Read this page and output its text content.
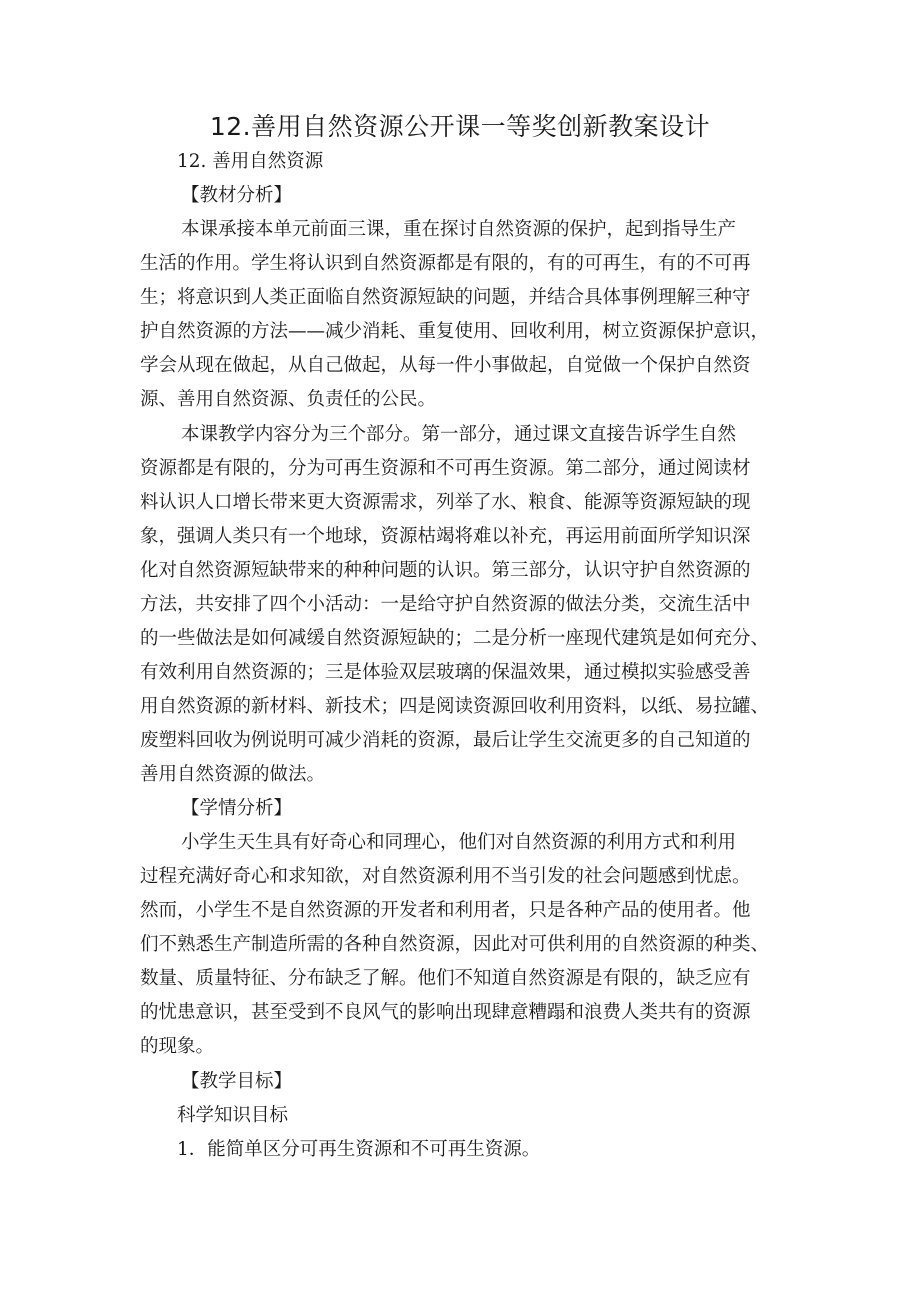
12.善用自然资源公开课一等奖创新教案设计

12. 善用自然资源

【教材分析】

本课承接本单元前面三课，重在探讨自然资源的保护，起到指导生产

生活的作用。学生将认识到自然资源都是有限的，有的可再生，有的不可再

生；将意识到人类正面临自然资源短缺的问题，并结合具体事例理解三种守

护自然资源的方法——减少消耗、重复使用、回收利用，树立资源保护意识，

学会从现在做起，从自己做起，从每一件小事做起，自觉做一个保护自然资

源、善用自然资源、负责任的公民。

本课教学内容分为三个部分。第一部分，通过课文直接告诉学生自然

资源都是有限的，分为可再生资源和不可再生资源。第二部分，通过阅读材

料认识人口增长带来更大资源需求，列举了水、粮食、能源等资源短缺的现

象，强调人类只有一个地球，资源枯竭将难以补充，再运用前面所学知识深

化对自然资源短缺带来的种种问题的认识。第三部分，认识守护自然资源的

方法，共安排了四个小活动：一是给守护自然资源的做法分类，交流生活中

的一些做法是如何减缓自然资源短缺的；二是分析一座现代建筑是如何充分、

有效利用自然资源的；三是体验双层玻璃的保温效果，通过模拟实验感受善

用自然资源的新材料、新技术；四是阅读资源回收利用资料，以纸、易拉罐、

废塑料回收为例说明可减少消耗的资源，最后让学生交流更多的自己知道的

善用自然资源的做法。

【学情分析】

小学生天生具有好奇心和同理心，他们对自然资源的利用方式和利用

过程充满好奇心和求知欲，对自然资源利用不当引发的社会问题感到忧虑。

然而，小学生不是自然资源的开发者和利用者，只是各种产品的使用者。他

们不熟悉生产制造所需的各种自然资源，因此对可供利用的自然资源的种类、

数量、质量特征、分布缺乏了解。他们不知道自然资源是有限的，缺乏应有

的忧患意识，甚至受到不良风气的影响出现肆意糟蹋和浪费人类共有的资源

的现象。

【教学目标】

科学知识目标

1．能简单区分可再生资源和不可再生资源。
